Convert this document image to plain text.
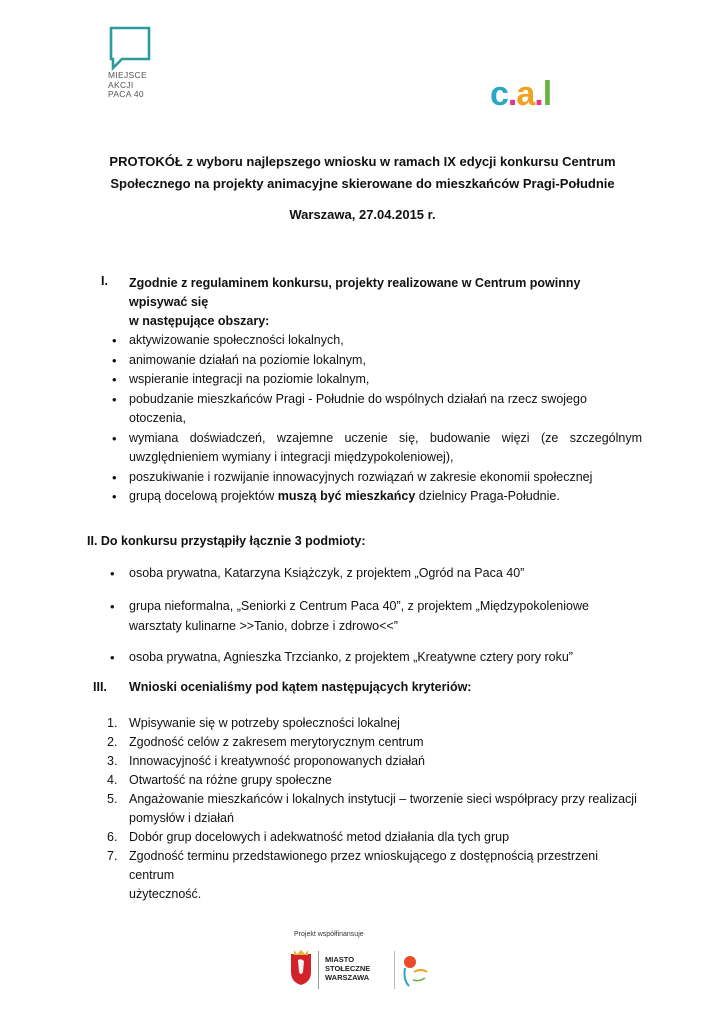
MIEJSCE
AKCJI
PACA 40	c.a.l
PROTOKÓŁ z wyboru najlepszego wniosku w ramach IX edycji konkursu Centrum
Społecznego na projekty animacyjne skierowane do mieszkańców Pragi-Południe
Warszawa, 27.04.2015 r.
I. Zgodnie z regulaminem konkursu, projekty realizowane w Centrum powinny wpisywać się
w następujące obszary:
• aktywizowanie społeczności lokalnych,
• animowanie działań na poziomie lokalnym,
• wspieranie integracji na poziomie lokalnym,
• pobudzanie mieszkańców Pragi - Południe do wspólnych działań na rzecz swojego otoczenia,
• wymiana doświadczeń, wzajemne uczenie się, budowanie więzi (ze szczególnym uwzględnieniem wymiany i integracji międzypokoleniowej),
• poszukiwanie i rozwijanie innowacyjnych rozwiązań w zakresie ekonomii społecznej
• grupą docelową projektów muszą być mieszkańcy dzielnicy Praga-Południe.
II. Do konkursu przystąpiły łącznie 3 podmioty:
• osoba prywatna, Katarzyna Książczyk, z projektem „Ogród na Paca 40”
• grupa nieformalna, „Seniorki z Centrum Paca 40”, z projektem „Międzypokoleniowe
warsztaty kulinarne >>Tanio, dobrze i zdrowo<<”
• osoba prywatna, Agnieszka Trzcianko, z projektem „Kreatywne cztery pory roku”
III. Wnioski ocenialiśmy pod kątem następujących kryteriów:
1. Wpisywanie się w potrzeby społeczności lokalnej
2. Zgodność celów z zakresem merytorycznym centrum
3. Innowacyjność i kreatywność proponowanych działań
4. Otwartość na różne grupy społeczne
5. Angażowanie mieszkańców i lokalnych instytucji – tworzenie sieci współpracy przy realizacji
pomysłów i działań
6. Dobór grup docelowych i adekwatność metod działania dla tych grup
7. Zgodność terminu przedstawionego przez wnioskującego z dostępnością przestrzeni centrum
użyteczność.
Projekt współfinansuje
MIASTO
STOŁECZNE
WARSZAWA
